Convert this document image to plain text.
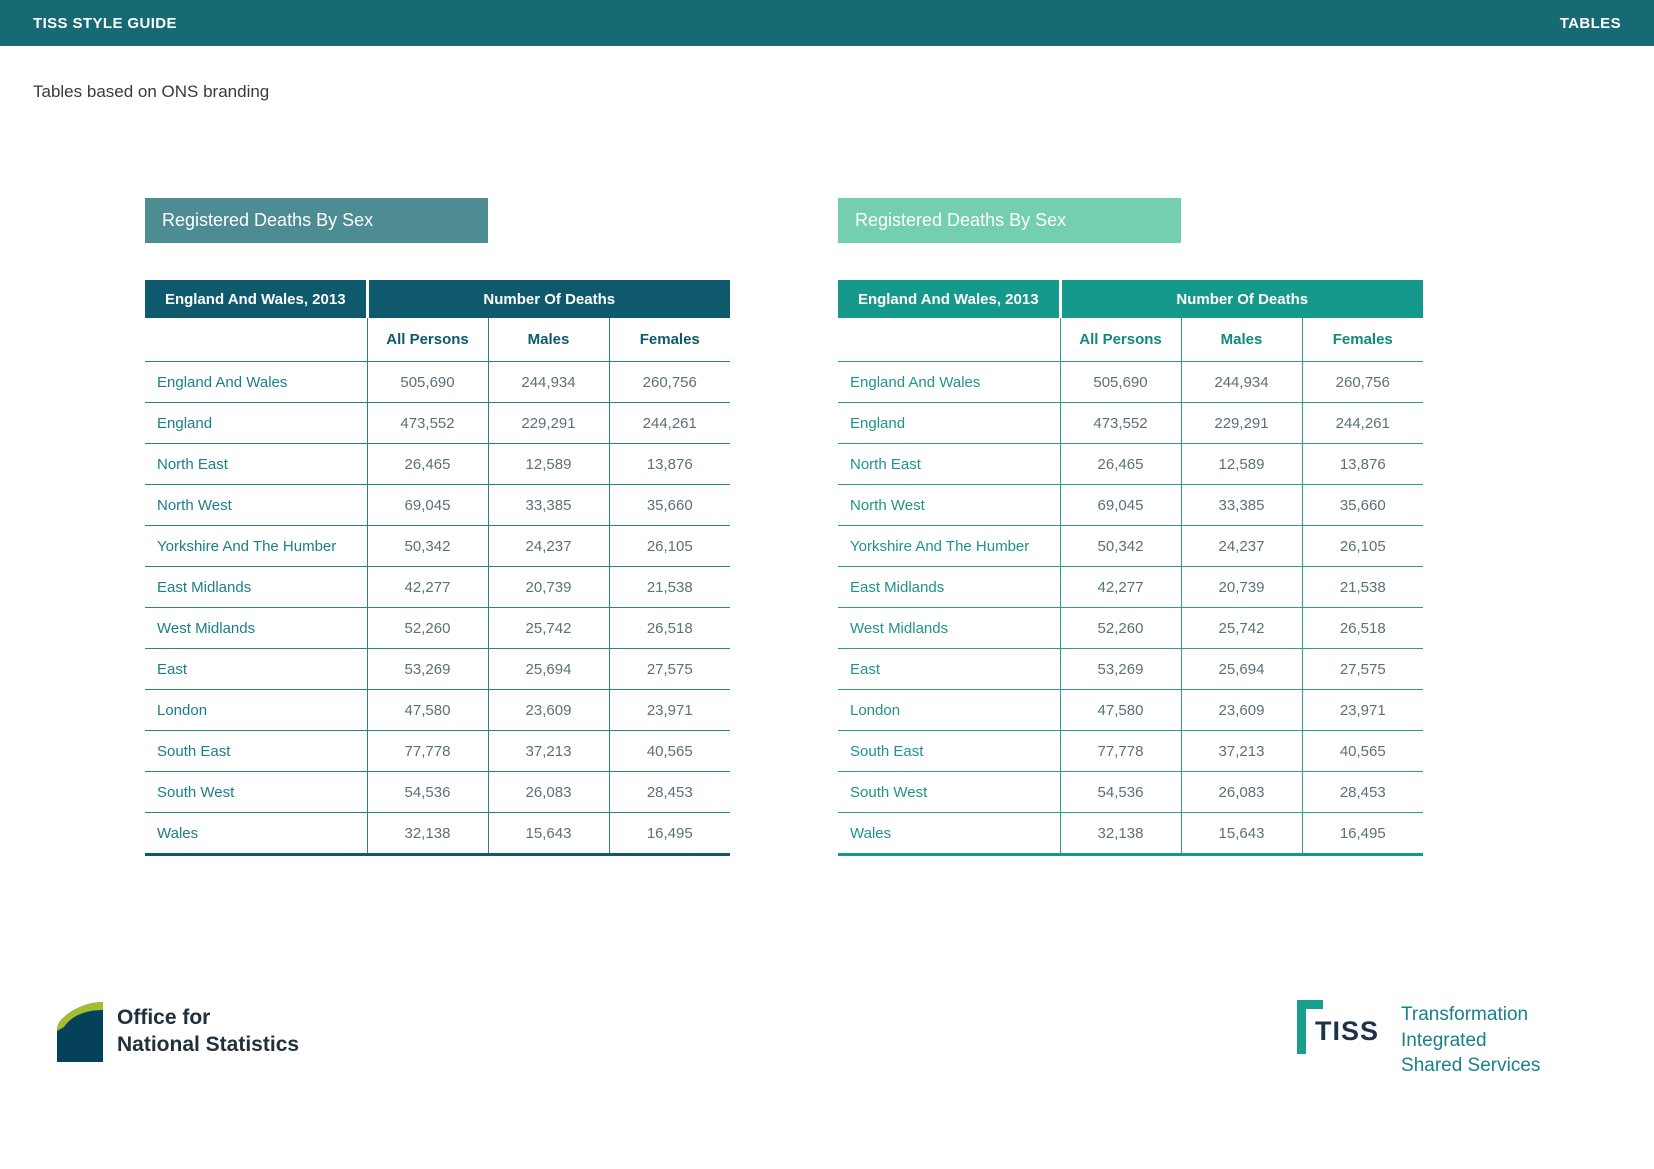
TISS STYLE GUIDE	TABLES
Tables based on ONS branding
Registered Deaths By Sex
England And Wales, 2013	Number Of Deaths		
	All Persons	Males	Females
England And Wales	505,690	244,934	260,756
England	473,552	229,291	244,261
North East	26,465	12,589	13,876
North West	69,045	33,385	35,660
Yorkshire And The Humber	50,342	24,237	26,105
East Midlands	42,277	20,739	21,538
West Midlands	52,260	25,742	26,518
East	53,269	25,694	27,575
London	47,580	23,609	23,971
South East	77,778	37,213	40,565
South West	54,536	26,083	28,453
Wales	32,138	15,643	16,495
Registered Deaths By Sex
England And Wales, 2013	Number Of Deaths		
	All Persons	Males	Females
England And Wales	505,690	244,934	260,756
England	473,552	229,291	244,261
North East	26,465	12,589	13,876
North West	69,045	33,385	35,660
Yorkshire And The Humber	50,342	24,237	26,105
East Midlands	42,277	20,739	21,538
West Midlands	52,260	25,742	26,518
East	53,269	25,694	27,575
London	47,580	23,609	23,971
South East	77,778	37,213	40,565
South West	54,536	26,083	28,453
Wales	32,138	15,643	16,495
Office for
National Statistics	TISS
Transformation
Integrated
Shared Services
